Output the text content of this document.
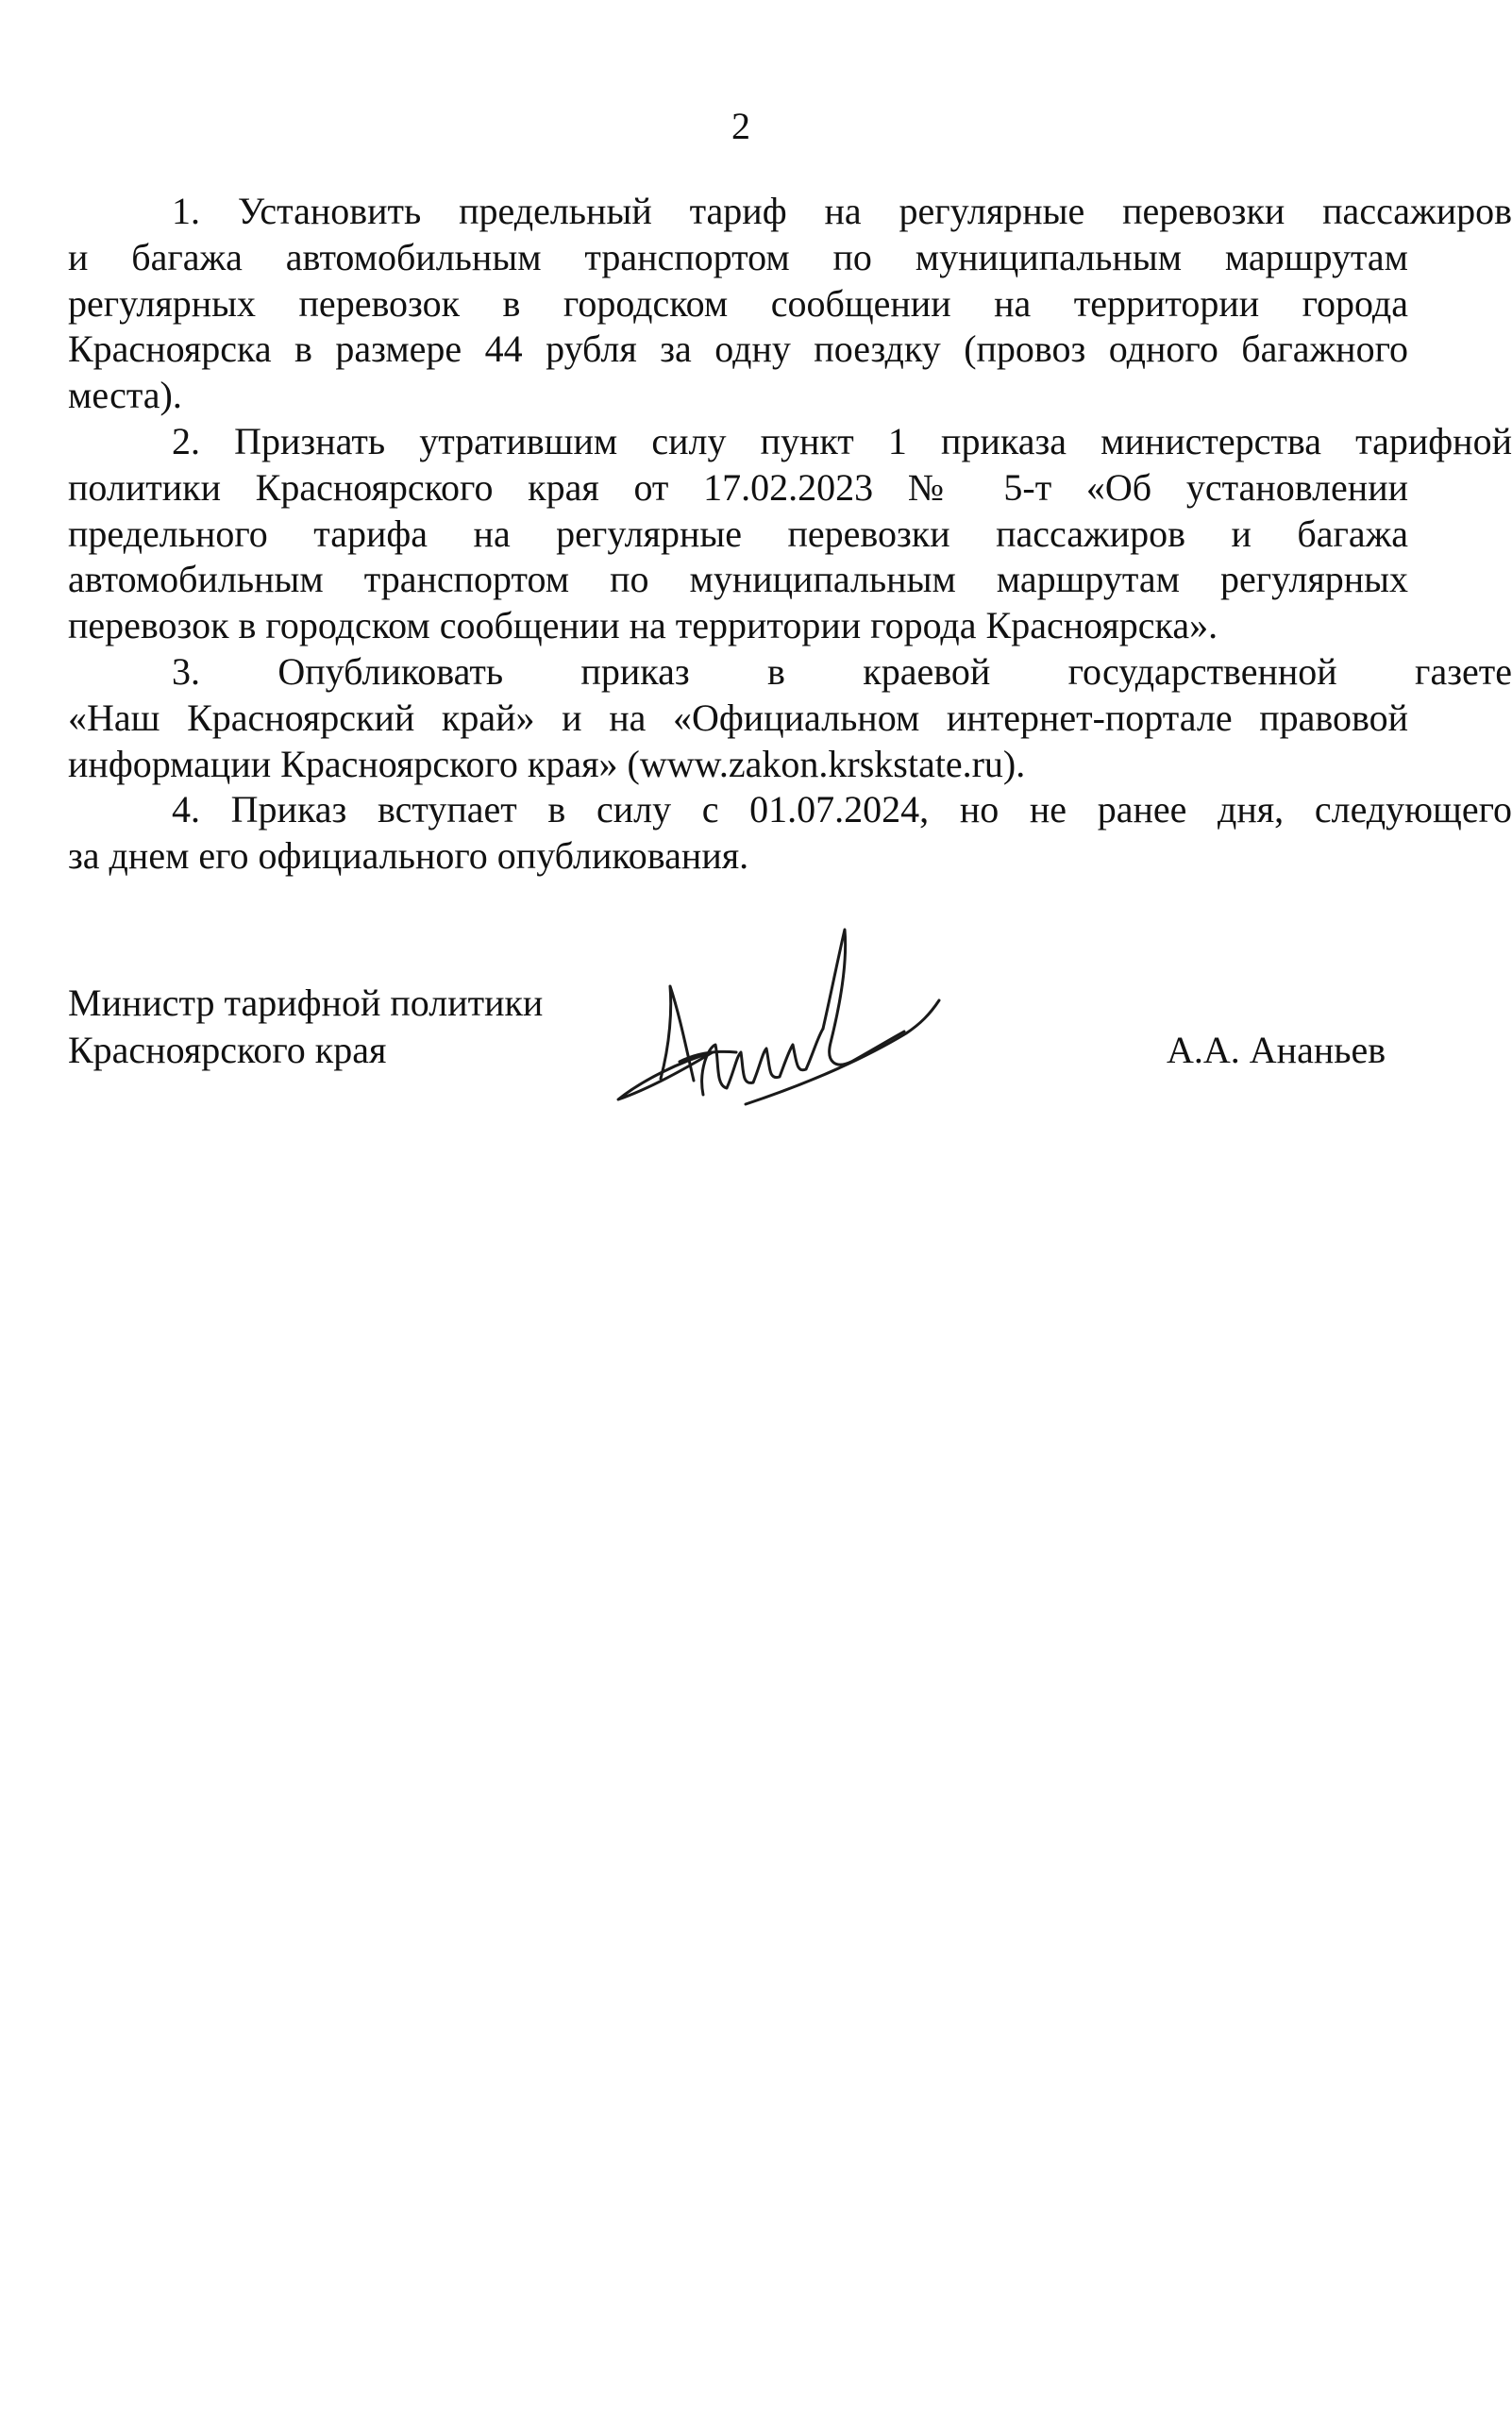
2
1. Установить предельный тариф на регулярные перевозки пассажиров
и багажа автомобильным транспортом по муниципальным маршрутам
регулярных перевозок в городском сообщении на территории города
Красноярска в размере 44 рубля за одну поездку (провоз одного багажного
места).
2. Признать утратившим силу пункт 1 приказа министерства тарифной
политики Красноярского края от 17.02.2023 № 5-т «Об установлении
предельного тарифа на регулярные перевозки пассажиров и багажа
автомобильным транспортом по муниципальным маршрутам регулярных
перевозок в городском сообщении на территории города Красноярска».
3. Опубликовать приказ в краевой государственной газете
«Наш Красноярский край» и на «Официальном интернет-портале правовой
информации Красноярского края» (www.zakon.krskstate.ru).
4. Приказ вступает в силу с 01.07.2024, но не ранее дня, следующего
за днем его официального опубликования.
Министр тарифной политики
Красноярского края	А.А. Ананьев
